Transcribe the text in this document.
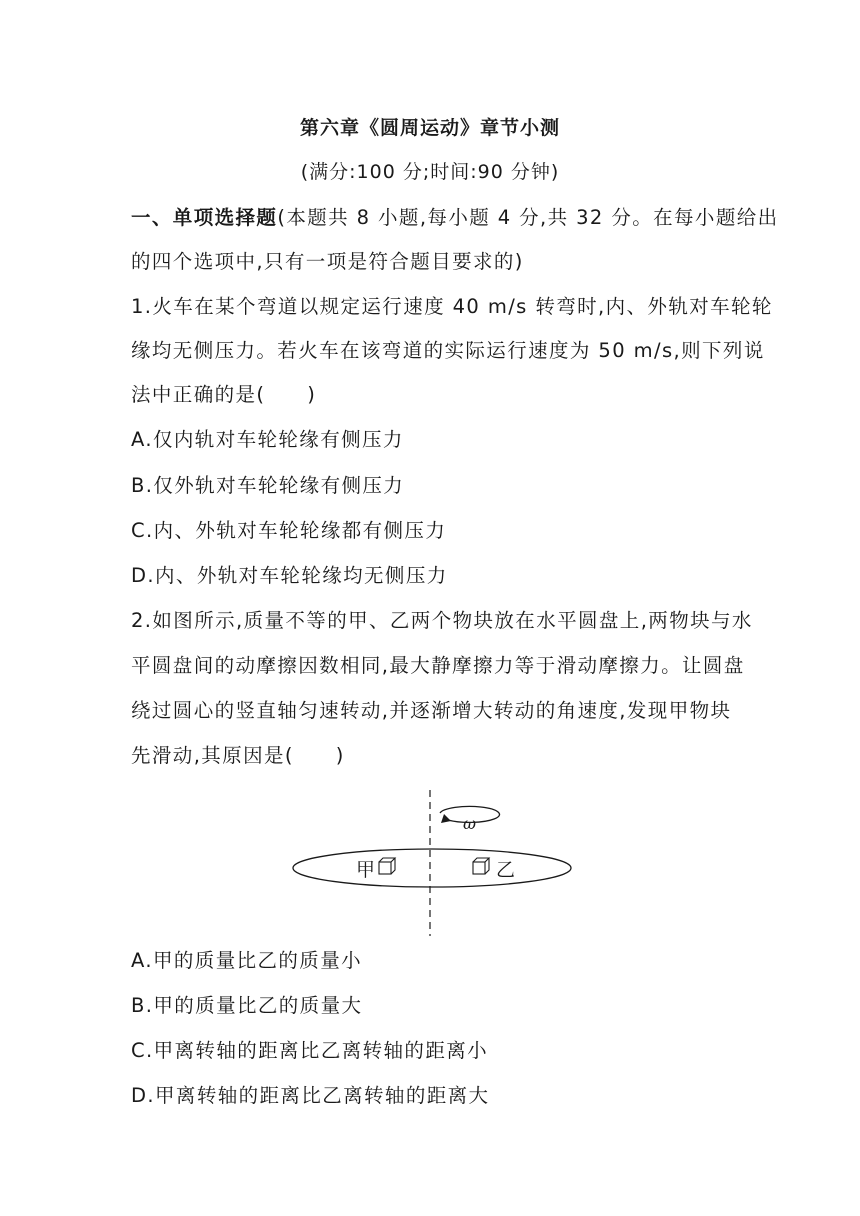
第六章《圆周运动》章节小测
(满分:100 分;时间:90 分钟)
一、单项选择题(本题共 8 小题,每小题 4 分,共 32 分。在每小题给出
的四个选项中,只有一项是符合题目要求的)
1.火车在某个弯道以规定运行速度 40 m/s 转弯时,内、外轨对车轮轮
缘均无侧压力。若火车在该弯道的实际运行速度为 50 m/s,则下列说
法中正确的是(　　)
A.仅内轨对车轮轮缘有侧压力
B.仅外轨对车轮轮缘有侧压力
C.内、外轨对车轮轮缘都有侧压力
D.内、外轨对车轮轮缘均无侧压力
2.如图所示,质量不等的甲、乙两个物块放在水平圆盘上,两物块与水
平圆盘间的动摩擦因数相同,最大静摩擦力等于滑动摩擦力。让圆盘
绕过圆心的竖直轴匀速转动,并逐渐增大转动的角速度,发现甲物块
先滑动,其原因是(　　)
ω
甲	乙
A.甲的质量比乙的质量小
B.甲的质量比乙的质量大
C.甲离转轴的距离比乙离转轴的距离小
D.甲离转轴的距离比乙离转轴的距离大
